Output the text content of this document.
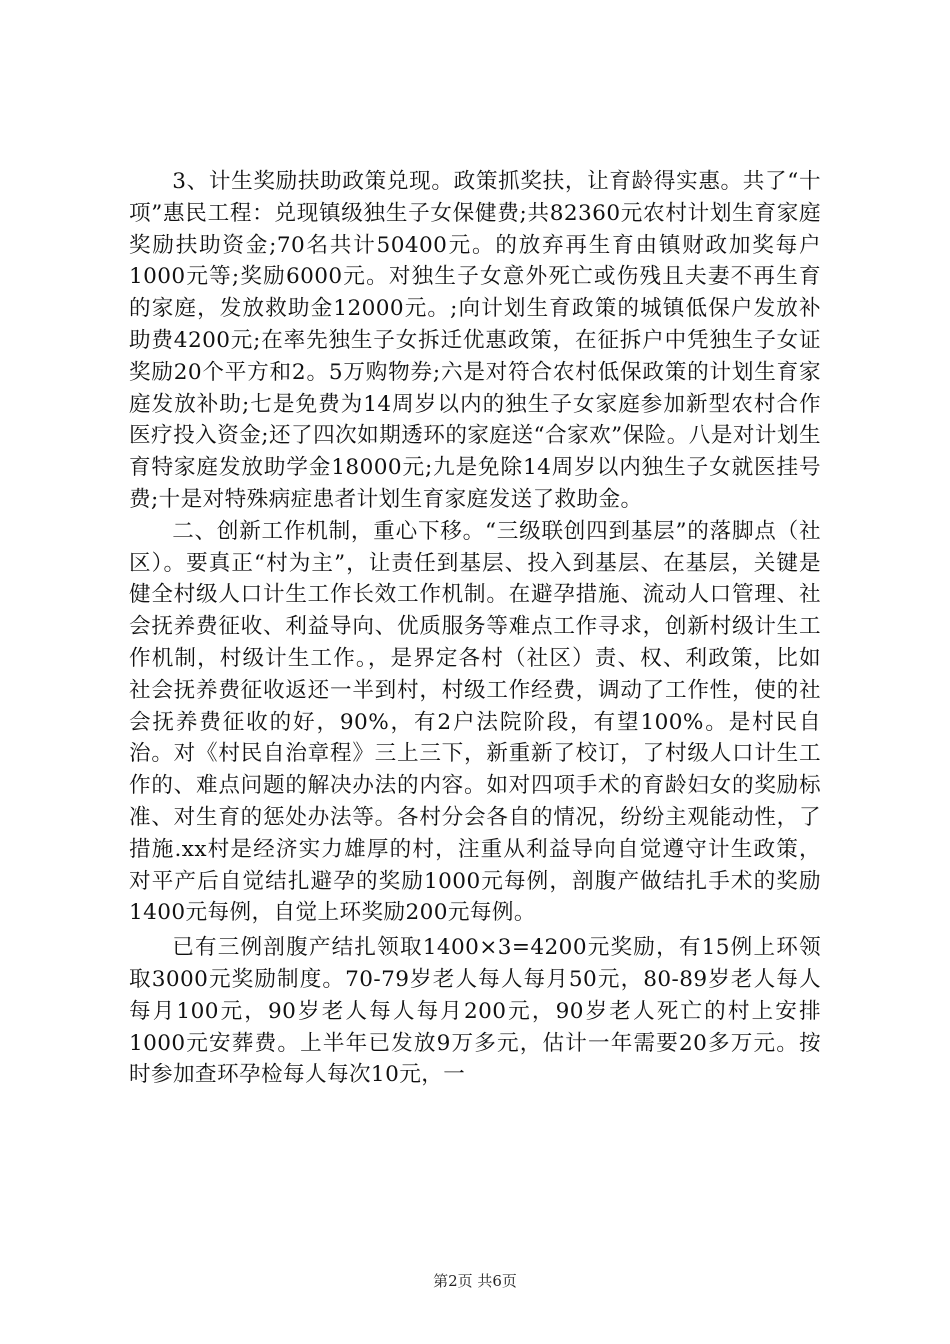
3、计生奖励扶助政策兑现。政策抓奖扶，让育龄得实惠。共了“十项”惠民工程：兑现镇级独生子女保健费;共82360元农村计划生育家庭奖励扶助资金;70名共计50400元。的放弃再生育由镇财政加奖每户1000元等;奖励6000元。对独生子女意外死亡或伤残且夫妻不再生育的家庭，发放救助金12000元。;向计划生育政策的城镇低保户发放补助费4200元;在率先独生子女拆迁优惠政策，在征拆户中凭独生子女证奖励20个平方和2。5万购物券;六是对符合农村低保政策的计划生育家庭发放补助;七是免费为14周岁以内的独生子女家庭参加新型农村合作医疗投入资金;还了四次如期透环的家庭送“合家欢”保险。八是对计划生育特家庭发放助学金18000元;九是免除14周岁以内独生子女就医挂号费;十是对特殊病症患者计划生育家庭发送了救助金。

二、创新工作机制，重心下移。“三级联创四到基层”的落脚点（社区）。要真正“村为主”，让责任到基层、投入到基层、在基层，关键是健全村级人口计生工作长效工作机制。在避孕措施、流动人口管理、社会抚养费征收、利益导向、优质服务等难点工作寻求，创新村级计生工作机制，村级计生工作。，是界定各村（社区）责、权、利政策，比如社会抚养费征收返还一半到村，村级工作经费，调动了工作性，使的社会抚养费征收的好，90%，有2户法院阶段，有望100%。是村民自治。对《村民自治章程》三上三下，新重新了校订，了村级人口计生工作的、难点问题的解决办法的内容。如对四项手术的育龄妇女的奖励标准、对生育的惩处办法等。各村分会各自的情况，纷纷主观能动性，了措施.xx村是经济实力雄厚的村，注重从利益导向自觉遵守计生政策，对平产后自觉结扎避孕的奖励1000元每例，剖腹产做结扎手术的奖励1400元每例，自觉上环奖励200元每例。

已有三例剖腹产结扎领取1400×3=4200元奖励，有15例上环领取3000元奖励制度。70-79岁老人每人每月50元，80-89岁老人每人每月100元，90岁老人每人每月200元，90岁老人死亡的村上安排1000元安葬费。上半年已发放9万多元，估计一年需要20多万元。按时参加查环孕检每人每次10元，一

第2页 共6页
